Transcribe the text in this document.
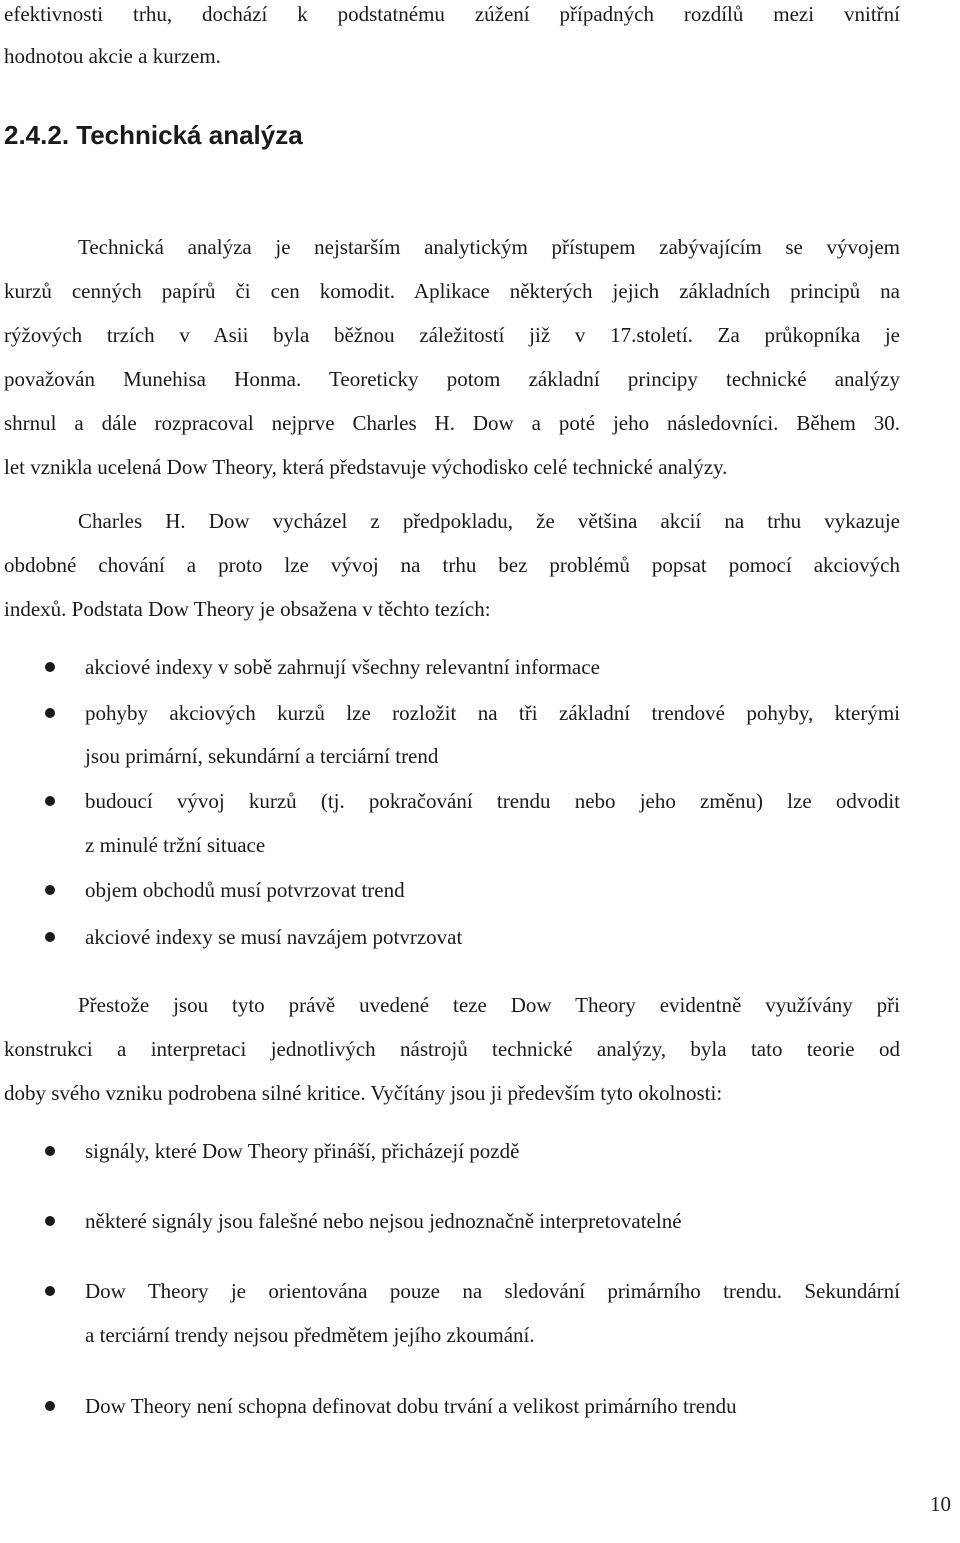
efektivnosti trhu, dochází k podstatnému zúžení případných rozdílů mezi vnitřní
hodnotou akcie a kurzem.
2.4.2. Technická analýza
Technická analýza je nejstarším analytickým přístupem zabývajícím se vývojem
kurzů cenných papírů či cen komodit. Aplikace některých jejich základních principů na
rýžových trzích v Asii byla běžnou záležitostí již v 17.století. Za průkopníka je
považován Munehisa Honma. Teoreticky potom základní principy technické analýzy
shrnul a dále rozpracoval nejprve Charles H. Dow a poté jeho následovníci. Během 30.
let vznikla ucelená Dow Theory, která představuje východisko celé technické analýzy.
Charles H. Dow vycházel z předpokladu, že většina akcií na trhu vykazuje
obdobné chování a proto lze vývoj na trhu bez problémů popsat pomocí akciových
indexů. Podstata Dow Theory je obsažena v těchto tezích:
akciové indexy v sobě zahrnují všechny relevantní informace
pohyby akciových kurzů lze rozložit na tři základní trendové pohyby, kterými
jsou primární, sekundární a terciární trend
budoucí vývoj kurzů (tj. pokračování trendu nebo jeho změnu) lze odvodit
z minulé tržní situace
objem obchodů musí potvrzovat trend
akciové indexy se musí navzájem potvrzovat
Přestože jsou tyto právě uvedené teze Dow Theory evidentně využívány při
konstrukci a interpretaci jednotlivých nástrojů technické analýzy, byla tato teorie od
doby svého vzniku podrobena silné kritice. Vyčítány jsou ji především tyto okolnosti:
signály, které Dow Theory přináší, přicházejí pozdě
některé signály jsou falešné nebo nejsou jednoznačně interpretovatelné
Dow Theory je orientována pouze na sledování primárního trendu. Sekundární
a terciární trendy nejsou předmětem jejího zkoumání.
Dow Theory není schopna definovat dobu trvání a velikost primárního trendu
10
